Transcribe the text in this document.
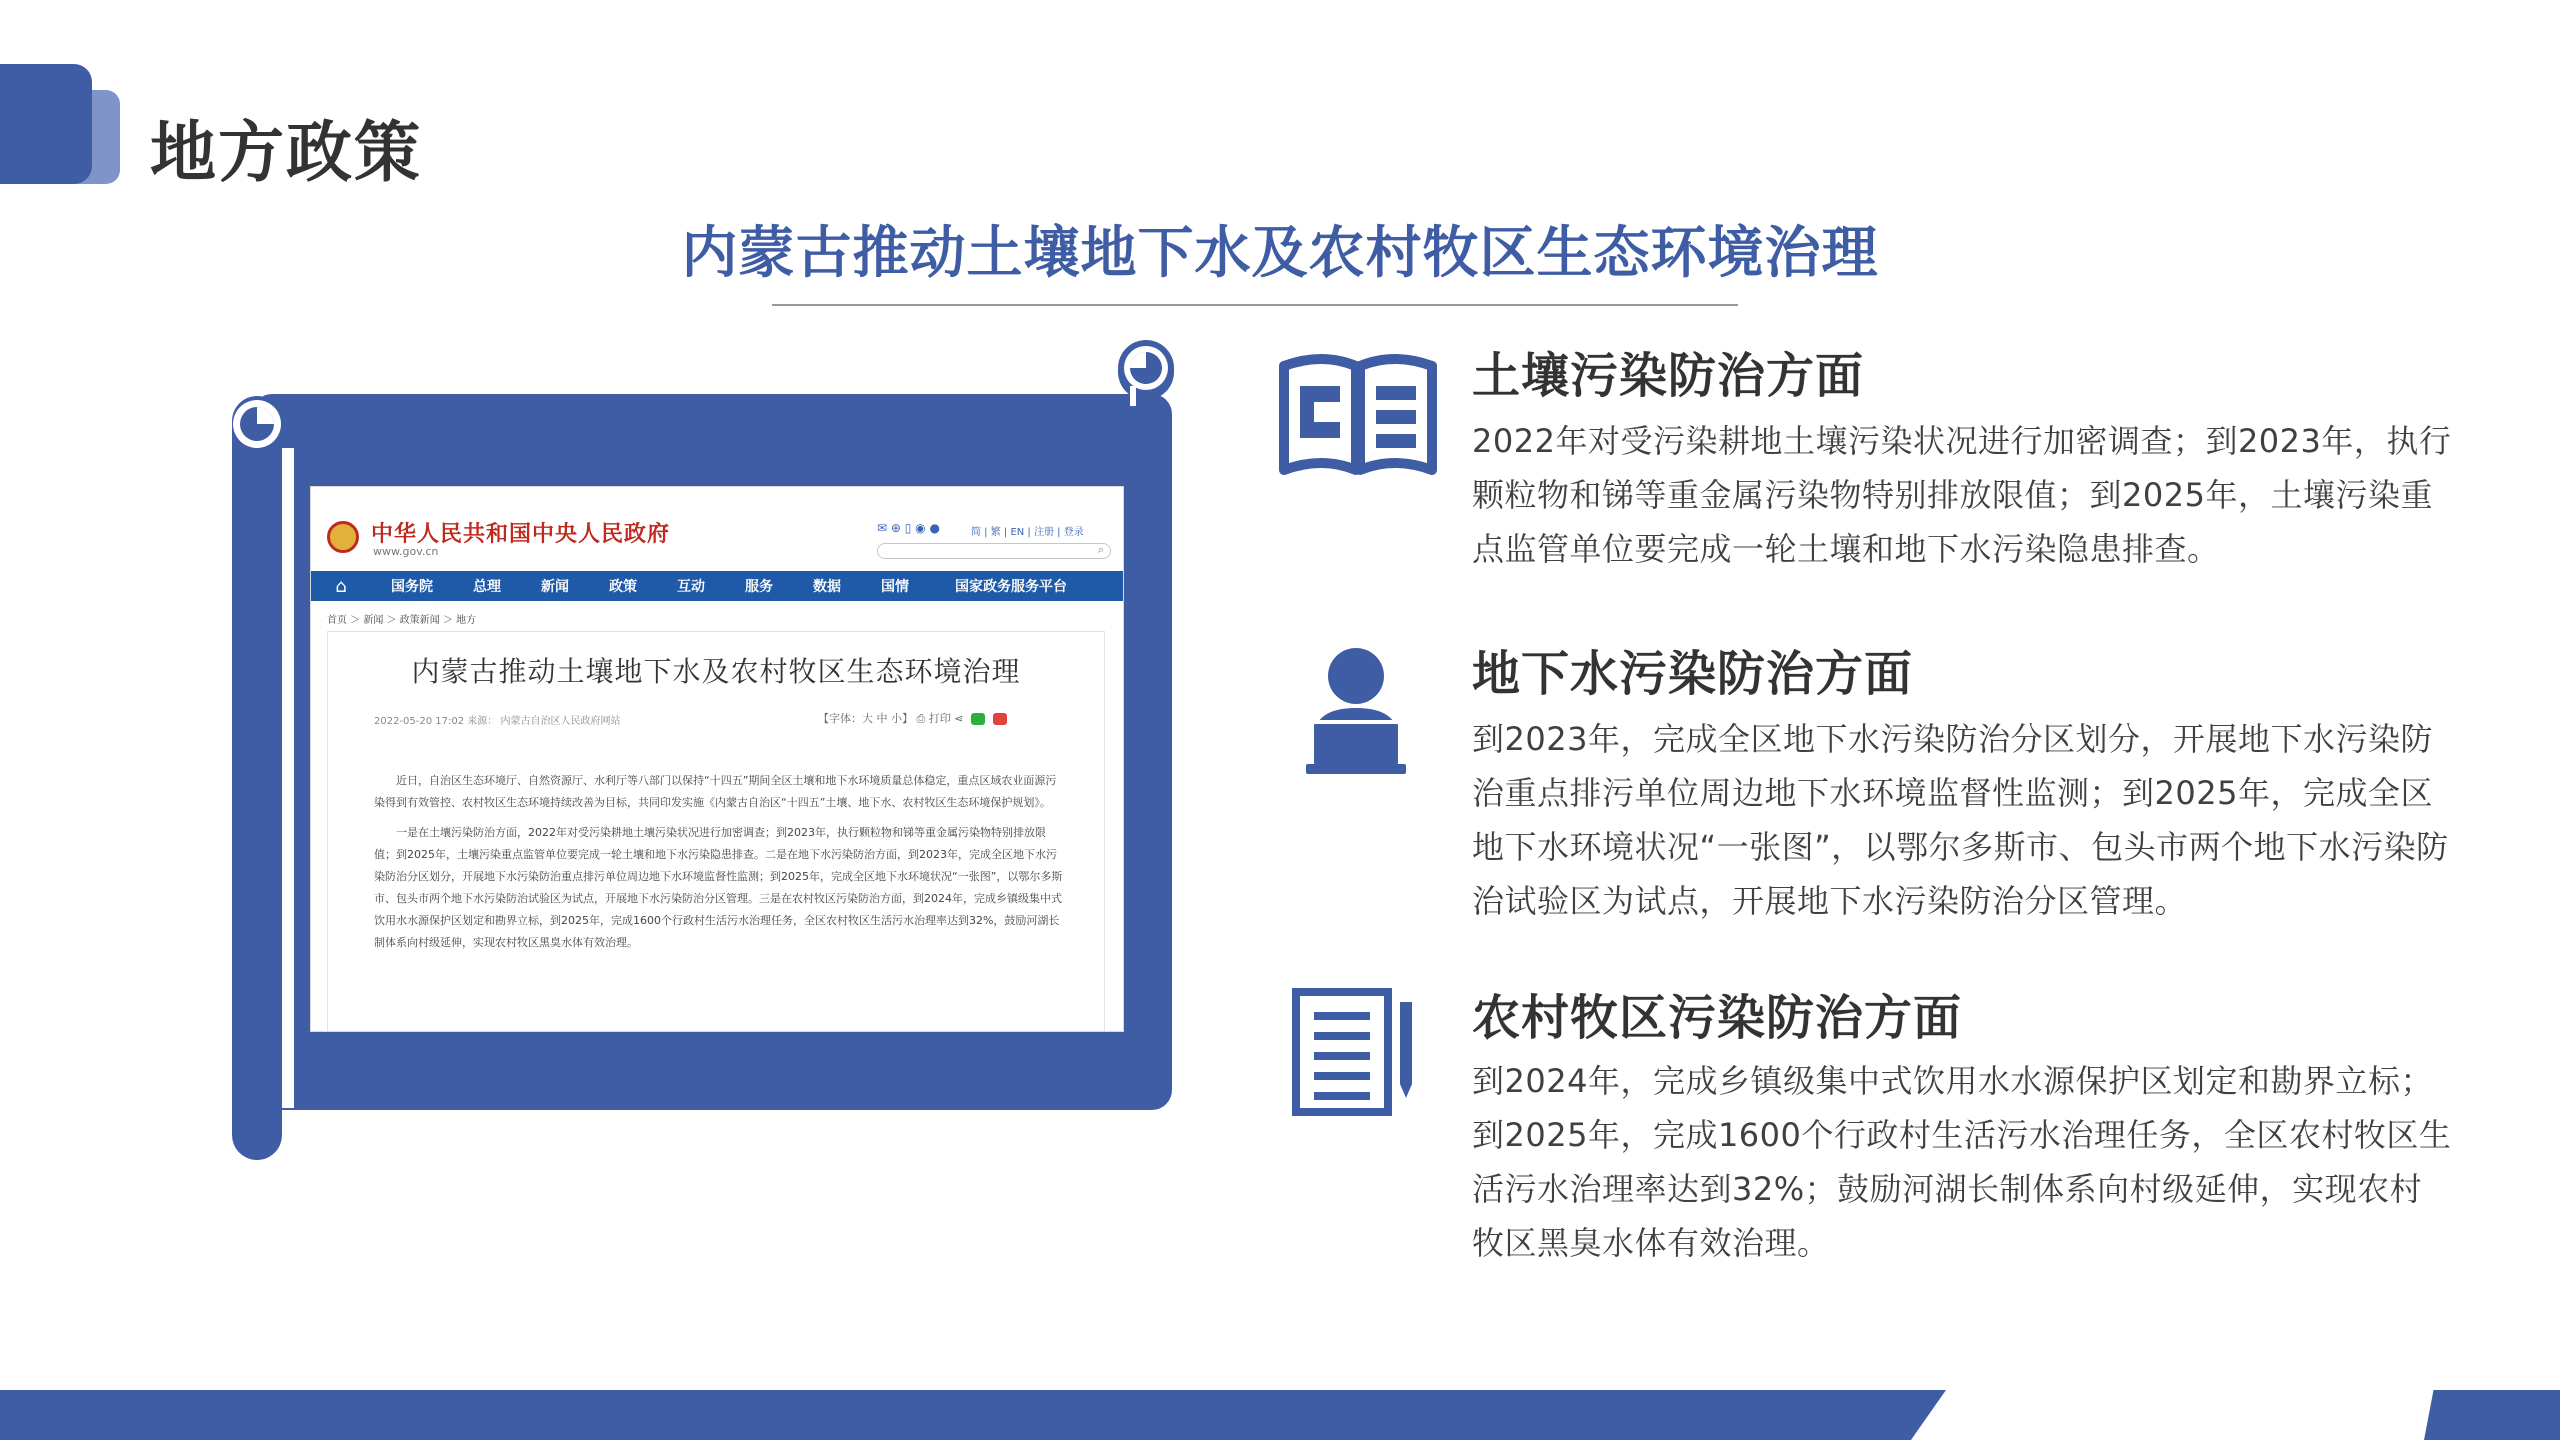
地方政策
内蒙古推动土壤地下水及农村牧区生态环境治理
中华人民共和国中央人民政府
www.gov.cn
✉ ⊕ ▯ ◉ ●	简 | 繁 | EN | 注册 | 登录
⌕
⌂	国务院	总理	新闻	政策	互动	服务	数据	国情	国家政务服务平台
首页 ＞ 新闻 ＞ 政策新闻 ＞ 地方
内蒙古推动土壤地下水及农村牧区生态环境治理
2022-05-20 17:02 来源： 内蒙古自治区人民政府网站	【字体：大 中 小】 ⎙ 打印 ⋖

近日，自治区生态环境厅、自然资源厅、水利厅等八部门以保持“十四五”期间全区土壤和地下水环境质量总体稳定，重点区域农业面源污染得到有效管控、农村牧区生态环境持续改善为目标，共同印发实施《内蒙古自治区“十四五”土壤、地下水、农村牧区生态环境保护规划》。

一是在土壤污染防治方面，2022年对受污染耕地土壤污染状况进行加密调查；到2023年，执行颗粒物和锑等重金属污染物特别排放限值；到2025年，土壤污染重点监管单位要完成一轮土壤和地下水污染隐患排查。二是在地下水污染防治方面，到2023年，完成全区地下水污染防治分区划分，开展地下水污染防治重点排污单位周边地下水环境监督性监测；到2025年，完成全区地下水环境状况“一张图”，以鄂尔多斯市、包头市两个地下水污染防治试验区为试点，开展地下水污染防治分区管理。三是在农村牧区污染防治方面，到2024年，完成乡镇级集中式饮用水水源保护区划定和勘界立标，到2025年，完成1600个行政村生活污水治理任务，全区农村牧区生活污水治理率达到32%，鼓励河湖长制体系向村级延伸，实现农村牧区黑臭水体有效治理。

土壤污染防治方面
2022年对受污染耕地土壤污染状况进行加密调查；到2023年，执行颗粒物和锑等重金属污染物特别排放限值；到2025年，土壤污染重点监管单位要完成一轮土壤和地下水污染隐患排查。
地下水污染防治方面
到2023年，完成全区地下水污染防治分区划分，开展地下水污染防治重点排污单位周边地下水环境监督性监测；到2025年，完成全区地下水环境状况“一张图”，以鄂尔多斯市、包头市两个地下水污染防治试验区为试点，开展地下水污染防治分区管理。
农村牧区污染防治方面
到2024年，完成乡镇级集中式饮用水水源保护区划定和勘界立标；到2025年，完成1600个行政村生活污水治理任务，全区农村牧区生活污水治理率达到32%；鼓励河湖长制体系向村级延伸，实现农村牧区黑臭水体有效治理。
